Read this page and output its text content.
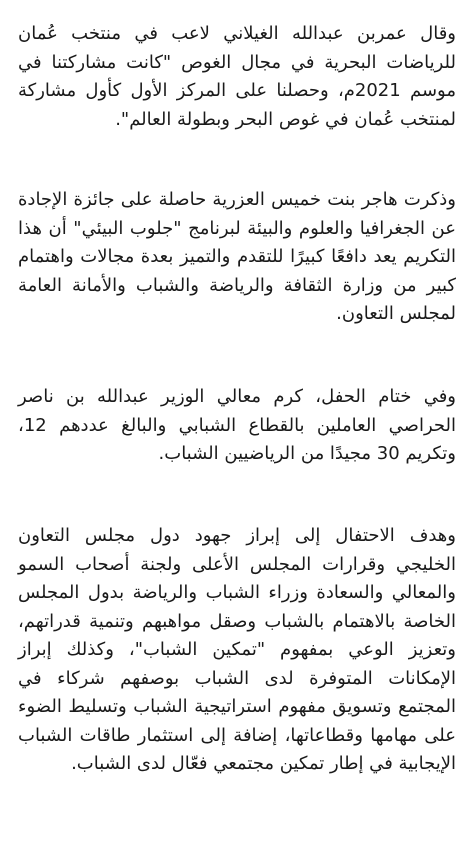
وقال عمربن عبدالله الغيلاني لاعب في منتخب عُمان للرياضات البحرية في مجال الغوص "كانت مشاركتنا في موسم 2021م، وحصلنا على المركز الأول كأول مشاركة لمنتخب عُمان في غوص البحر وبطولة العالم".

وذكرت هاجر بنت خميس العزرية حاصلة على جائزة الإجادة عن الجغرافيا والعلوم والبيئة لبرنامج "جلوب البيئي" أن هذا التكريم يعد دافعًا كبيرًا للتقدم والتميز بعدة مجالات واهتمام كبير من وزارة الثقافة والرياضة والشباب والأمانة العامة لمجلس التعاون.

وفي ختام الحفل، كرم معالي الوزير عبدالله بن ناصر الحراصي العاملين بالقطاع الشبابي والبالغ عددهم 12، وتكريم 30 مجيدًا من الرياضيين الشباب.

وهدف الاحتفال إلى إبراز جهود دول مجلس التعاون الخليجي وقرارات المجلس الأعلى ولجنة أصحاب السمو والمعالي والسعادة وزراء الشباب والرياضة بدول المجلس الخاصة بالاهتمام بالشباب وصقل مواهبهم وتنمية قدراتهم، وتعزيز الوعي بمفهوم "تمكين الشباب"، وكذلك إبراز الإمكانات المتوفرة لدى الشباب بوصفهم شركاء في المجتمع وتسويق مفهوم استراتيجية الشباب وتسليط الضوء على مهامها وقطاعاتها، إضافة إلى استثمار طاقات الشباب الإيجابية في إطار تمكين مجتمعي فعّال لدى الشباب.
